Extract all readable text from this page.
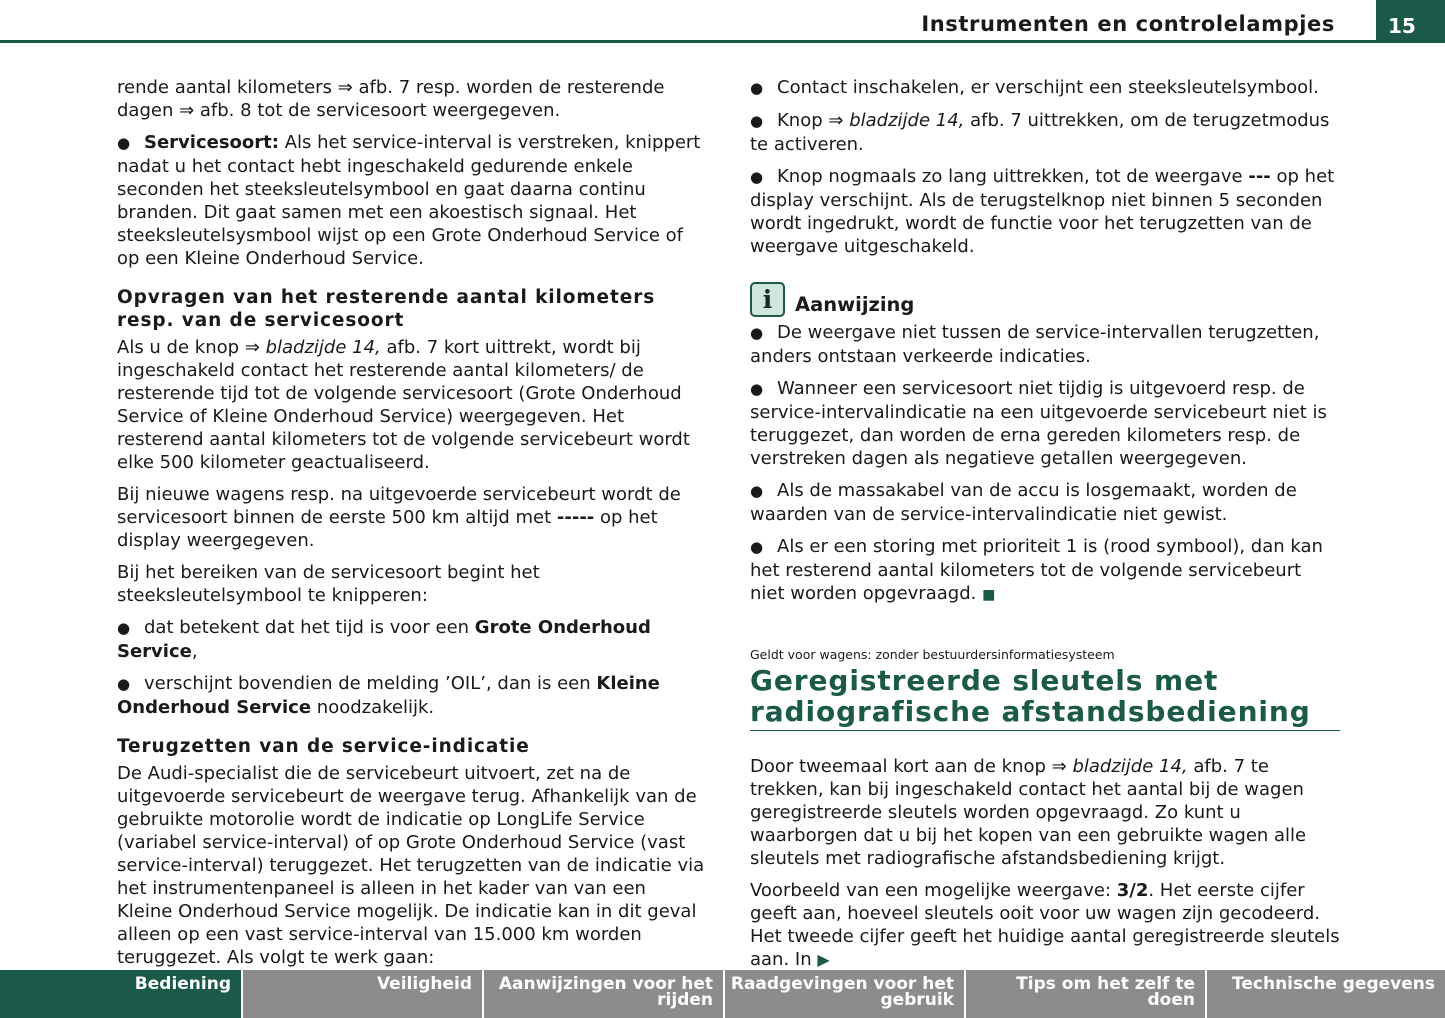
Instrumenten en controlelampjes	15

rende aantal kilometers ⇒ afb. 7 resp. worden de resterende dagen ⇒ afb. 8 tot de servicesoort weergegeven.

● Servicesoort: Als het service-interval is verstreken, knippert nadat u het contact hebt ingeschakeld gedurende enkele seconden het steeksleutelsymbool en gaat daarna continu branden. Dit gaat samen met een akoestisch signaal. Het steeksleutelsysmbool wijst op een Grote Onderhoud Service of op een Kleine Onderhoud Service.

Opvragen van het resterende aantal kilometers resp. van de servicesoort

Als u de knop ⇒ bladzijde 14, afb. 7 kort uittrekt, wordt bij ingeschakeld contact het resterende aantal kilometers/ de resterende tijd tot de volgende servicesoort (Grote Onderhoud Service of Kleine Onderhoud Service) weergegeven. Het resterend aantal kilometers tot de volgende servicebeurt wordt elke 500 kilometer geactualiseerd.

Bij nieuwe wagens resp. na uitgevoerde servicebeurt wordt de servicesoort binnen de eerste 500 km altijd met ----- op het display weergegeven.

Bij het bereiken van de servicesoort begint het steeksleutelsymbool te knipperen:

● dat betekent dat het tijd is voor een Grote Onderhoud Service,

● verschijnt bovendien de melding ’OIL’, dan is een Kleine Onderhoud Service noodzakelijk.

Terugzetten van de service-indicatie

De Audi-specialist die de servicebeurt uitvoert, zet na de uitgevoerde servicebeurt de weergave terug. Afhankelijk van de gebruikte motorolie wordt de indicatie op LongLife Service (variabel service-interval) of op Grote Onderhoud Service (vast service-interval) teruggezet. Het terugzetten van de indicatie via het instrumentenpaneel is alleen in het kader van van een Kleine Onderhoud Service mogelijk. De indicatie kan in dit geval alleen op een vast service-interval van 15.000 km worden teruggezet. Als volgt te werk gaan:

● Contact inschakelen, er verschijnt een steeksleutelsymbool.

● Knop ⇒ bladzijde 14, afb. 7 uittrekken, om de terugzetmodus te activeren.

● Knop nogmaals zo lang uittrekken, tot de weergave --- op het display verschijnt. Als de terugstelknop niet binnen 5 seconden wordt ingedrukt, wordt de functie voor het terugzetten van de weergave uitgeschakeld.

i	Aanwijzing

● De weergave niet tussen de service-intervallen terugzetten, anders ontstaan verkeerde indicaties.

● Wanneer een servicesoort niet tijdig is uitgevoerd resp. de service-intervalindicatie na een uitgevoerde servicebeurt niet is teruggezet, dan worden de erna gereden kilometers resp. de verstreken dagen als negatieve getallen weergegeven.

● Als de massakabel van de accu is losgemaakt, worden de waarden van de service-intervalindicatie niet gewist.

● Als er een storing met prioriteit 1 is (rood symbool), dan kan het resterend aantal kilometers tot de volgende servicebeurt niet worden opgevraagd. ■

Geldt voor wagens: zonder bestuurdersinformatiesysteem
Geregistreerde sleutels met radiografische afstandsbediening

Door tweemaal kort aan de knop ⇒ bladzijde 14, afb. 7 te trekken, kan bij ingeschakeld contact het aantal bij de wagen geregistreerde sleutels worden opgevraagd. Zo kunt u waarborgen dat u bij het kopen van een gebruikte wagen alle sleutels met radiografische afstandsbediening krijgt.

Voorbeeld van een mogelijke weergave: 3/2. Het eerste cijfer geeft aan, hoeveel sleutels ooit voor uw wagen zijn gecodeerd. Het tweede cijfer geeft het huidige aantal geregistreerde sleutels aan. In ▶

Bediening	Veiligheid	Aanwijzingen voor het rijden
Raadgevingen voor het gebruik
Tips om het zelf te doen
Technische gegevens
